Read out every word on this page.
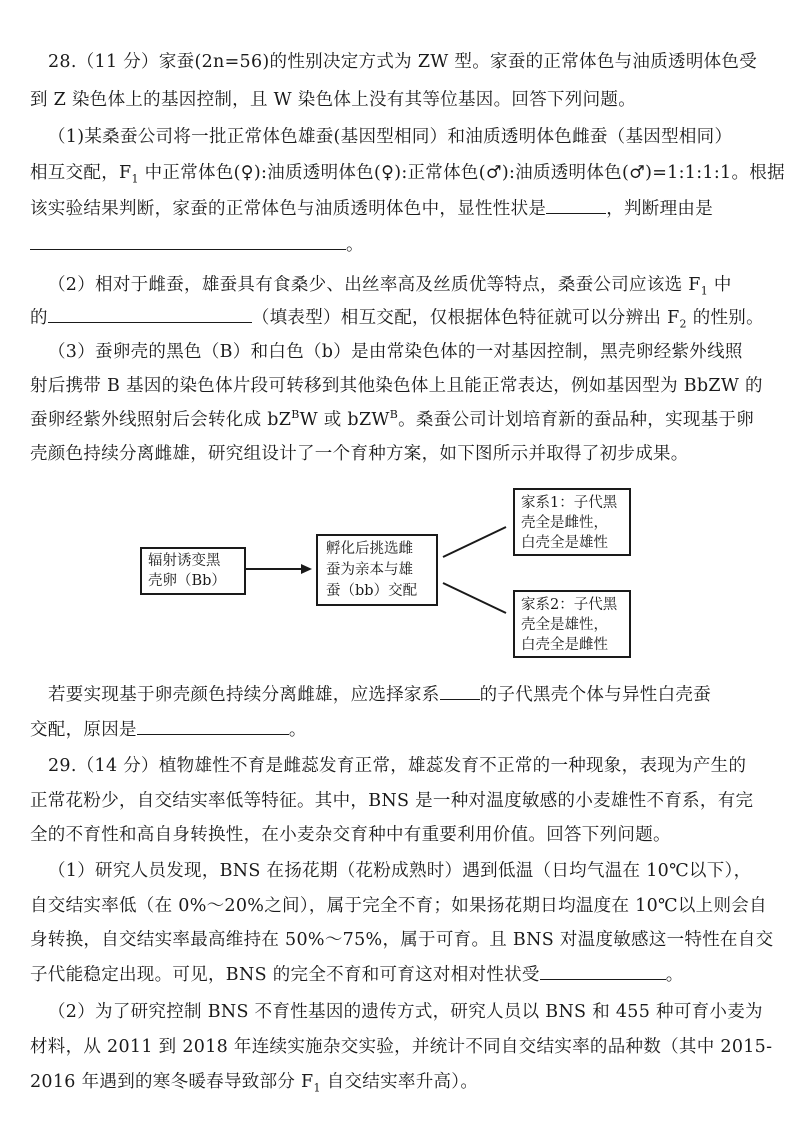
28.（11 分）家蚕(2n=56)的性别决定方式为 ZW 型。家蚕的正常体色与油质透明体色受
到 Z 染色体上的基因控制，且 W 染色体上没有其等位基因。回答下列问题。
（1)某桑蚕公司将一批正常体色雄蚕(基因型相同）和油质透明体色雌蚕（基因型相同）
相互交配，$F_1$ 中正常体色(♀):油质透明体色(♀):正常体色(♂):油质透明体色(♂)=1:1:1:1。根据
该实验结果判断，家蚕的正常体色与油质透明体色中，显性性状是	，判断理由是
。
（2）相对于雌蚕，雄蚕具有食桑少、出丝率高及丝质优等特点，桑蚕公司应该选 $F_1$ 中
的	（填表型）相互交配，仅根据体色特征就可以分辨出 $F_2$ 的性别。
（3）蚕卵壳的黑色（B）和白色（b）是由常染色体的一对基因控制，黑壳卵经紫外线照
射后携带 B 基因的染色体片段可转移到其他染色体上且能正常表达，例如基因型为 BbZW 的
蚕卵经紫外线照射后会转化成 $bZ^BW$ 或 bZW$^B$。桑蚕公司计划培育新的蚕品种，实现基于卵
壳颜色持续分离雌雄，研究组设计了一个育种方案，如下图所示并取得了初步成果。
辐射诱变黑
壳卵（Bb）
孵化后挑选雌
蚕为亲本与雄
蚕（bb）交配
家系1：子代黑
壳全是雌性，
白壳全是雄性
家系2：子代黑
壳全是雄性，
白壳全是雌性
若要实现基于卵壳颜色持续分离雌雄，应选择家系 的子代黑壳个体与异性白壳蚕
交配，原因是	。
29.（14 分）植物雄性不育是雌蕊发育正常，雄蕊发育不正常的一种现象，表现为产生的
正常花粉少，自交结实率低等特征。其中，BNS 是一种对温度敏感的小麦雄性不育系，有完
全的不育性和高自身转换性，在小麦杂交育种中有重要利用价值。回答下列问题。
（1）研究人员发现，BNS 在扬花期（花粉成熟时）遇到低温（日均气温在 10℃以下），
自交结实率低（在 0%～20%之间），属于完全不育；如果扬花期日均温度在 10℃以上则会自
身转换，自交结实率最高维持在 50%～75%，属于可育。且 BNS 对温度敏感这一特性在自交
子代能稳定出现。可见，BNS 的完全不育和可育这对相对性状受	。
（2）为了研究控制 BNS 不育性基因的遗传方式，研究人员以 BNS 和 455 种可育小麦为
材料，从 2011 到 2018 年连续实施杂交实验，并统计不同自交结实率的品种数（其中 2015-
2016 年遇到的寒冬暖春导致部分 $F_1$ 自交结实率升高）。
